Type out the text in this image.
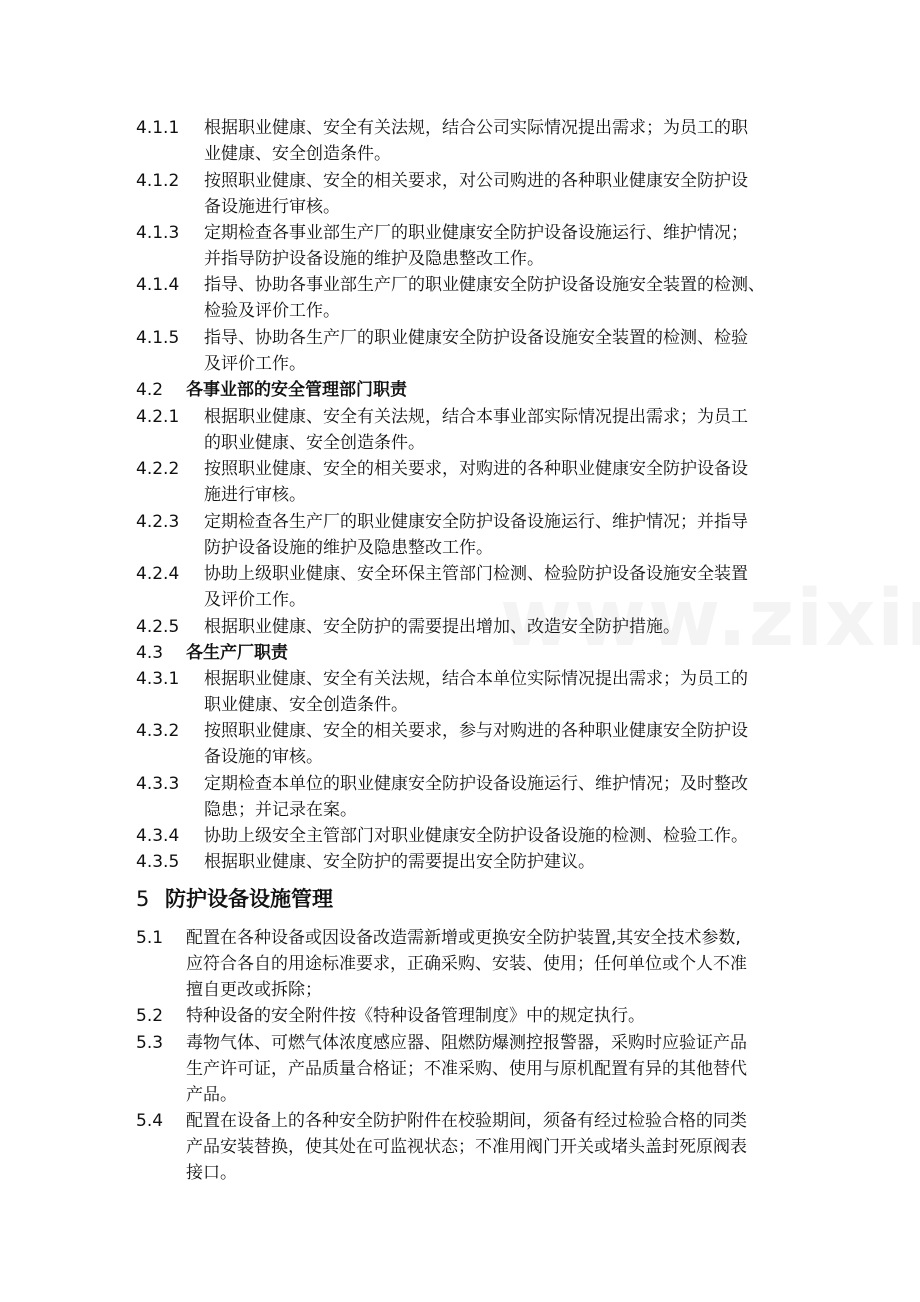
4.1.1 根据职业健康、安全有关法规，结合公司实际情况提出需求；为员工的职
业健康、安全创造条件。
4.1.2 按照职业健康、安全的相关要求，对公司购进的各种职业健康安全防护设
备设施进行审核。
4.1.3 定期检查各事业部生产厂的职业健康安全防护设备设施运行、维护情况；
并指导防护设备设施的维护及隐患整改工作。
4.1.4 指导、协助各事业部生产厂的职业健康安全防护设备设施安全装置的检测、
检验及评价工作。
4.1.5 指导、协助各生产厂的职业健康安全防护设备设施安全装置的检测、检验
及评价工作。
4.2 各事业部的安全管理部门职责
4.2.1 根据职业健康、安全有关法规，结合本事业部实际情况提出需求；为员工
的职业健康、安全创造条件。
4.2.2 按照职业健康、安全的相关要求，对购进的各种职业健康安全防护设备设
施进行审核。
4.2.3 定期检查各生产厂的职业健康安全防护设备设施运行、维护情况；并指导
防护设备设施的维护及隐患整改工作。
4.2.4 协助上级职业健康、安全环保主管部门检测、检验防护设备设施安全装置
及评价工作。
4.2.5 根据职业健康、安全防护的需要提出增加、改造安全防护措施。
4.3 各生产厂职责
4.3.1 根据职业健康、安全有关法规，结合本单位实际情况提出需求；为员工的
职业健康、安全创造条件。
4.3.2 按照职业健康、安全的相关要求，参与对购进的各种职业健康安全防护设
备设施的审核。
4.3.3 定期检查本单位的职业健康安全防护设备设施运行、维护情况；及时整改
隐患；并记录在案。
4.3.4 协助上级安全主管部门对职业健康安全防护设备设施的检测、检验工作。
4.3.5 根据职业健康、安全防护的需要提出安全防护建议。
5 防护设备设施管理
5.1 配置在各种设备或因设备改造需新增或更换安全防护装置,其安全技术参数,
应符合各自的用途标准要求，正确采购、安装、使用；任何单位或个人不准
擅自更改或拆除；
5.2 特种设备的安全附件按《特种设备管理制度》中的规定执行。
5.3 毒物气体、可燃气体浓度感应器、阻燃防爆测控报警器，采购时应验证产品
生产许可证，产品质量合格证；不准采购、使用与原机配置有异的其他替代
产品。
5.4 配置在设备上的各种安全防护附件在校验期间，须备有经过检验合格的同类
产品安装替换，使其处在可监视状态；不准用阀门开关或堵头盖封死原阀表
接口。
